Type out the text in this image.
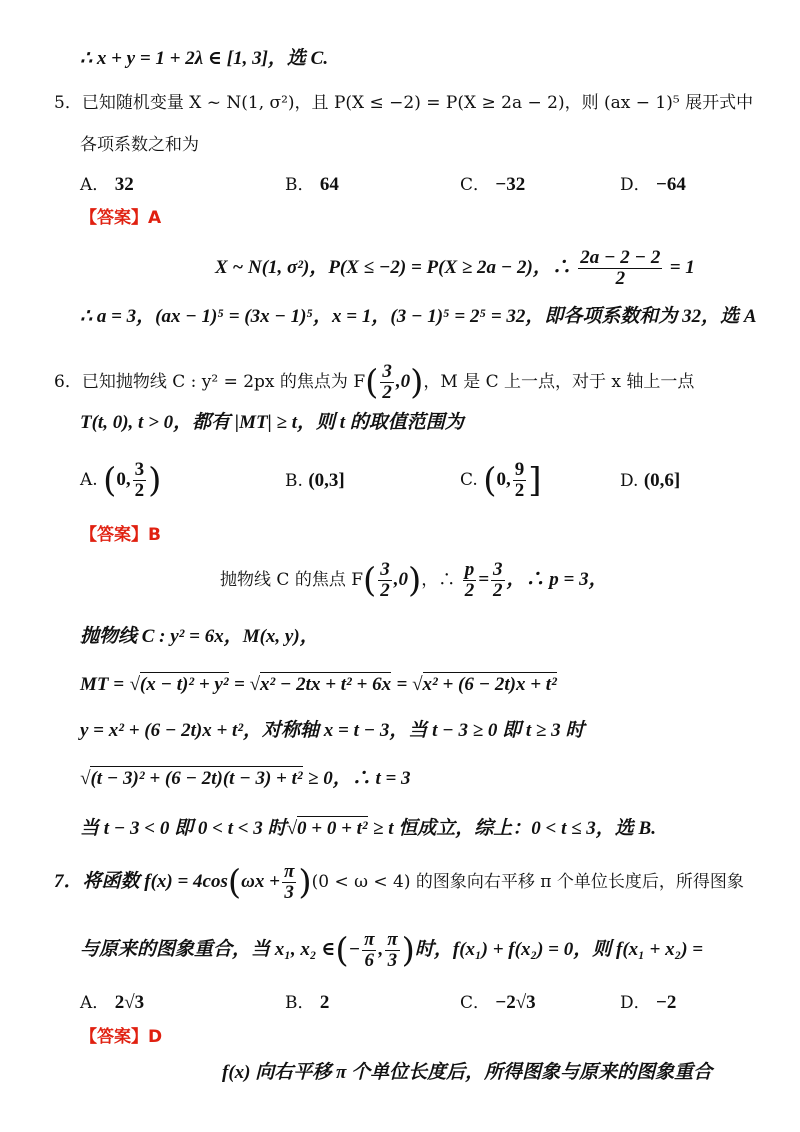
∴ x + y = 1 + 2λ ∈ [1, 3]，选 C.
5．已知随机变量 X ~ N(1, σ²)，且 P(X ≤ −2) = P(X ≥ 2a − 2)，则 (ax − 1)⁵ 展开式中
各项系数之和为
A． 32	B． 64	C． −32	D． −64
【答案】A
X ~ N(1, σ²)，P(X ≤ −2) = P(X ≥ 2a − 2)，∴ $\frac{2a - 2 - 2}{2} = 1$
∴ a = 3，(ax − 1)⁵ = (3x − 1)⁵，x = 1，(3 − 1)⁵ = 2⁵ = 32，即各项系数和为 32，选 A
6．已知抛物线 C : y² = 2px 的焦点为 $F( \frac{3}{2} ,0)$，M 是 C 上一点，对于 x 轴上一点
T(t, 0), t > 0，都有 |MT| ≥ t，则 t 的取值范围为
A. (0, $\frac{3}{2}$ )	B. (0,3]	C. (0, $\frac{9}{2}$ ]	D. (0,6]
【答案】B
抛物线 C 的焦点 $F( \frac{3}{2} ,0)$，∴ $\frac{p}{2} = \frac{3}{2}$ ，∴ p = 3，
抛物线 C : y² = 6x，M(x, y)，
MT = √(x − t)² + y² = √x² − 2tx + t² + 6x = √x² + (6 − 2t)x + t²
y = x² + (6 − 2t)x + t²，对称轴 x = t − 3，当 t − 3 ≥ 0 即 t ≥ 3 时
√(t − 3)² + (6 − 2t)(t − 3) + t² ≥ 0，∴ t = 3
当 t − 3 < 0 即 0 < t < 3 时√0 + 0 + t² ≥ t 恒成立，综上：0 < t ≤ 3，选 B.
7．将函数 $f(x) = 4\cos(\omega x + \frac{\pi}{3} )(0 < \omega < 4)$ 的图象向右平移 π 个单位长度后，所得图象
与原来的图象重合，当 x₁, x₂ ∈(− $\frac{\pi}{6}$ , $\frac{\pi}{3}$ )时，f(x₁) + f(x₂) = 0，则 f(x₁ + x₂) =
A． 2√3	B． 2	C． −2√3	D． −2
【答案】D
f(x) 向右平移 π 个单位长度后，所得图象与原来的图象重合
